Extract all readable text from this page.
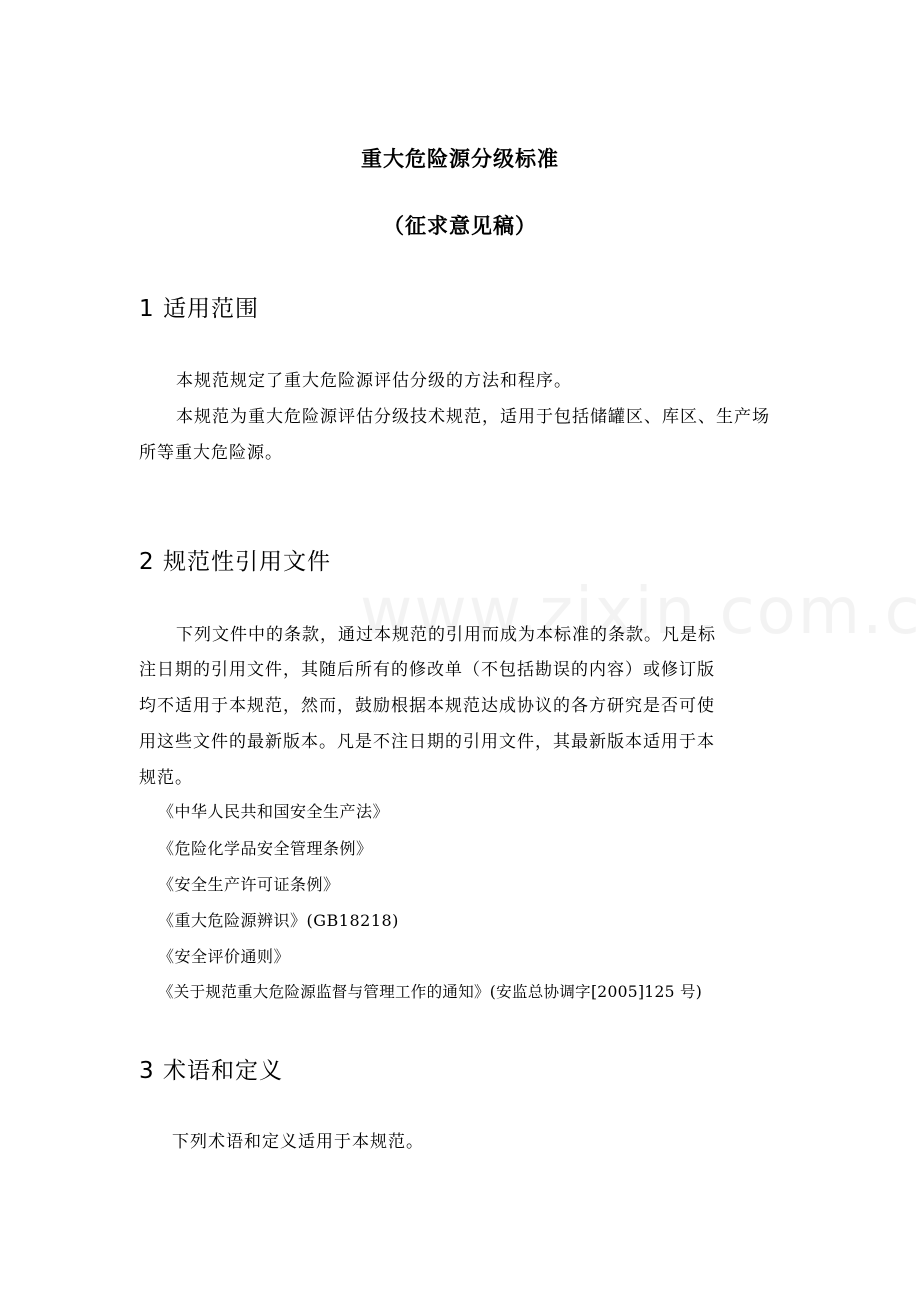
重大危险源分级标准
（征求意见稿）
1 适用范围
本规范规定了重大危险源评估分级的方法和程序。
本规范为重大危险源评估分级技术规范，适用于包括储罐区、库区、生产场
所等重大危险源。
2 规范性引用文件
下列文件中的条款，通过本规范的引用而成为本标准的条款。凡是标
注日期的引用文件，其随后所有的修改单（不包括勘误的内容）或修订版
均不适用于本规范，然而，鼓励根据本规范达成协议的各方研究是否可使
用这些文件的最新版本。凡是不注日期的引用文件，其最新版本适用于本
规范。
《中华人民共和国安全生产法》
《危险化学品安全管理条例》
《安全生产许可证条例》
《重大危险源辨识》(GB18218)
《安全评价通则》
《关于规范重大危险源监督与管理工作的通知》(安监总协调字[2005]125 号)
3 术语和定义
下列术语和定义适用于本规范。
